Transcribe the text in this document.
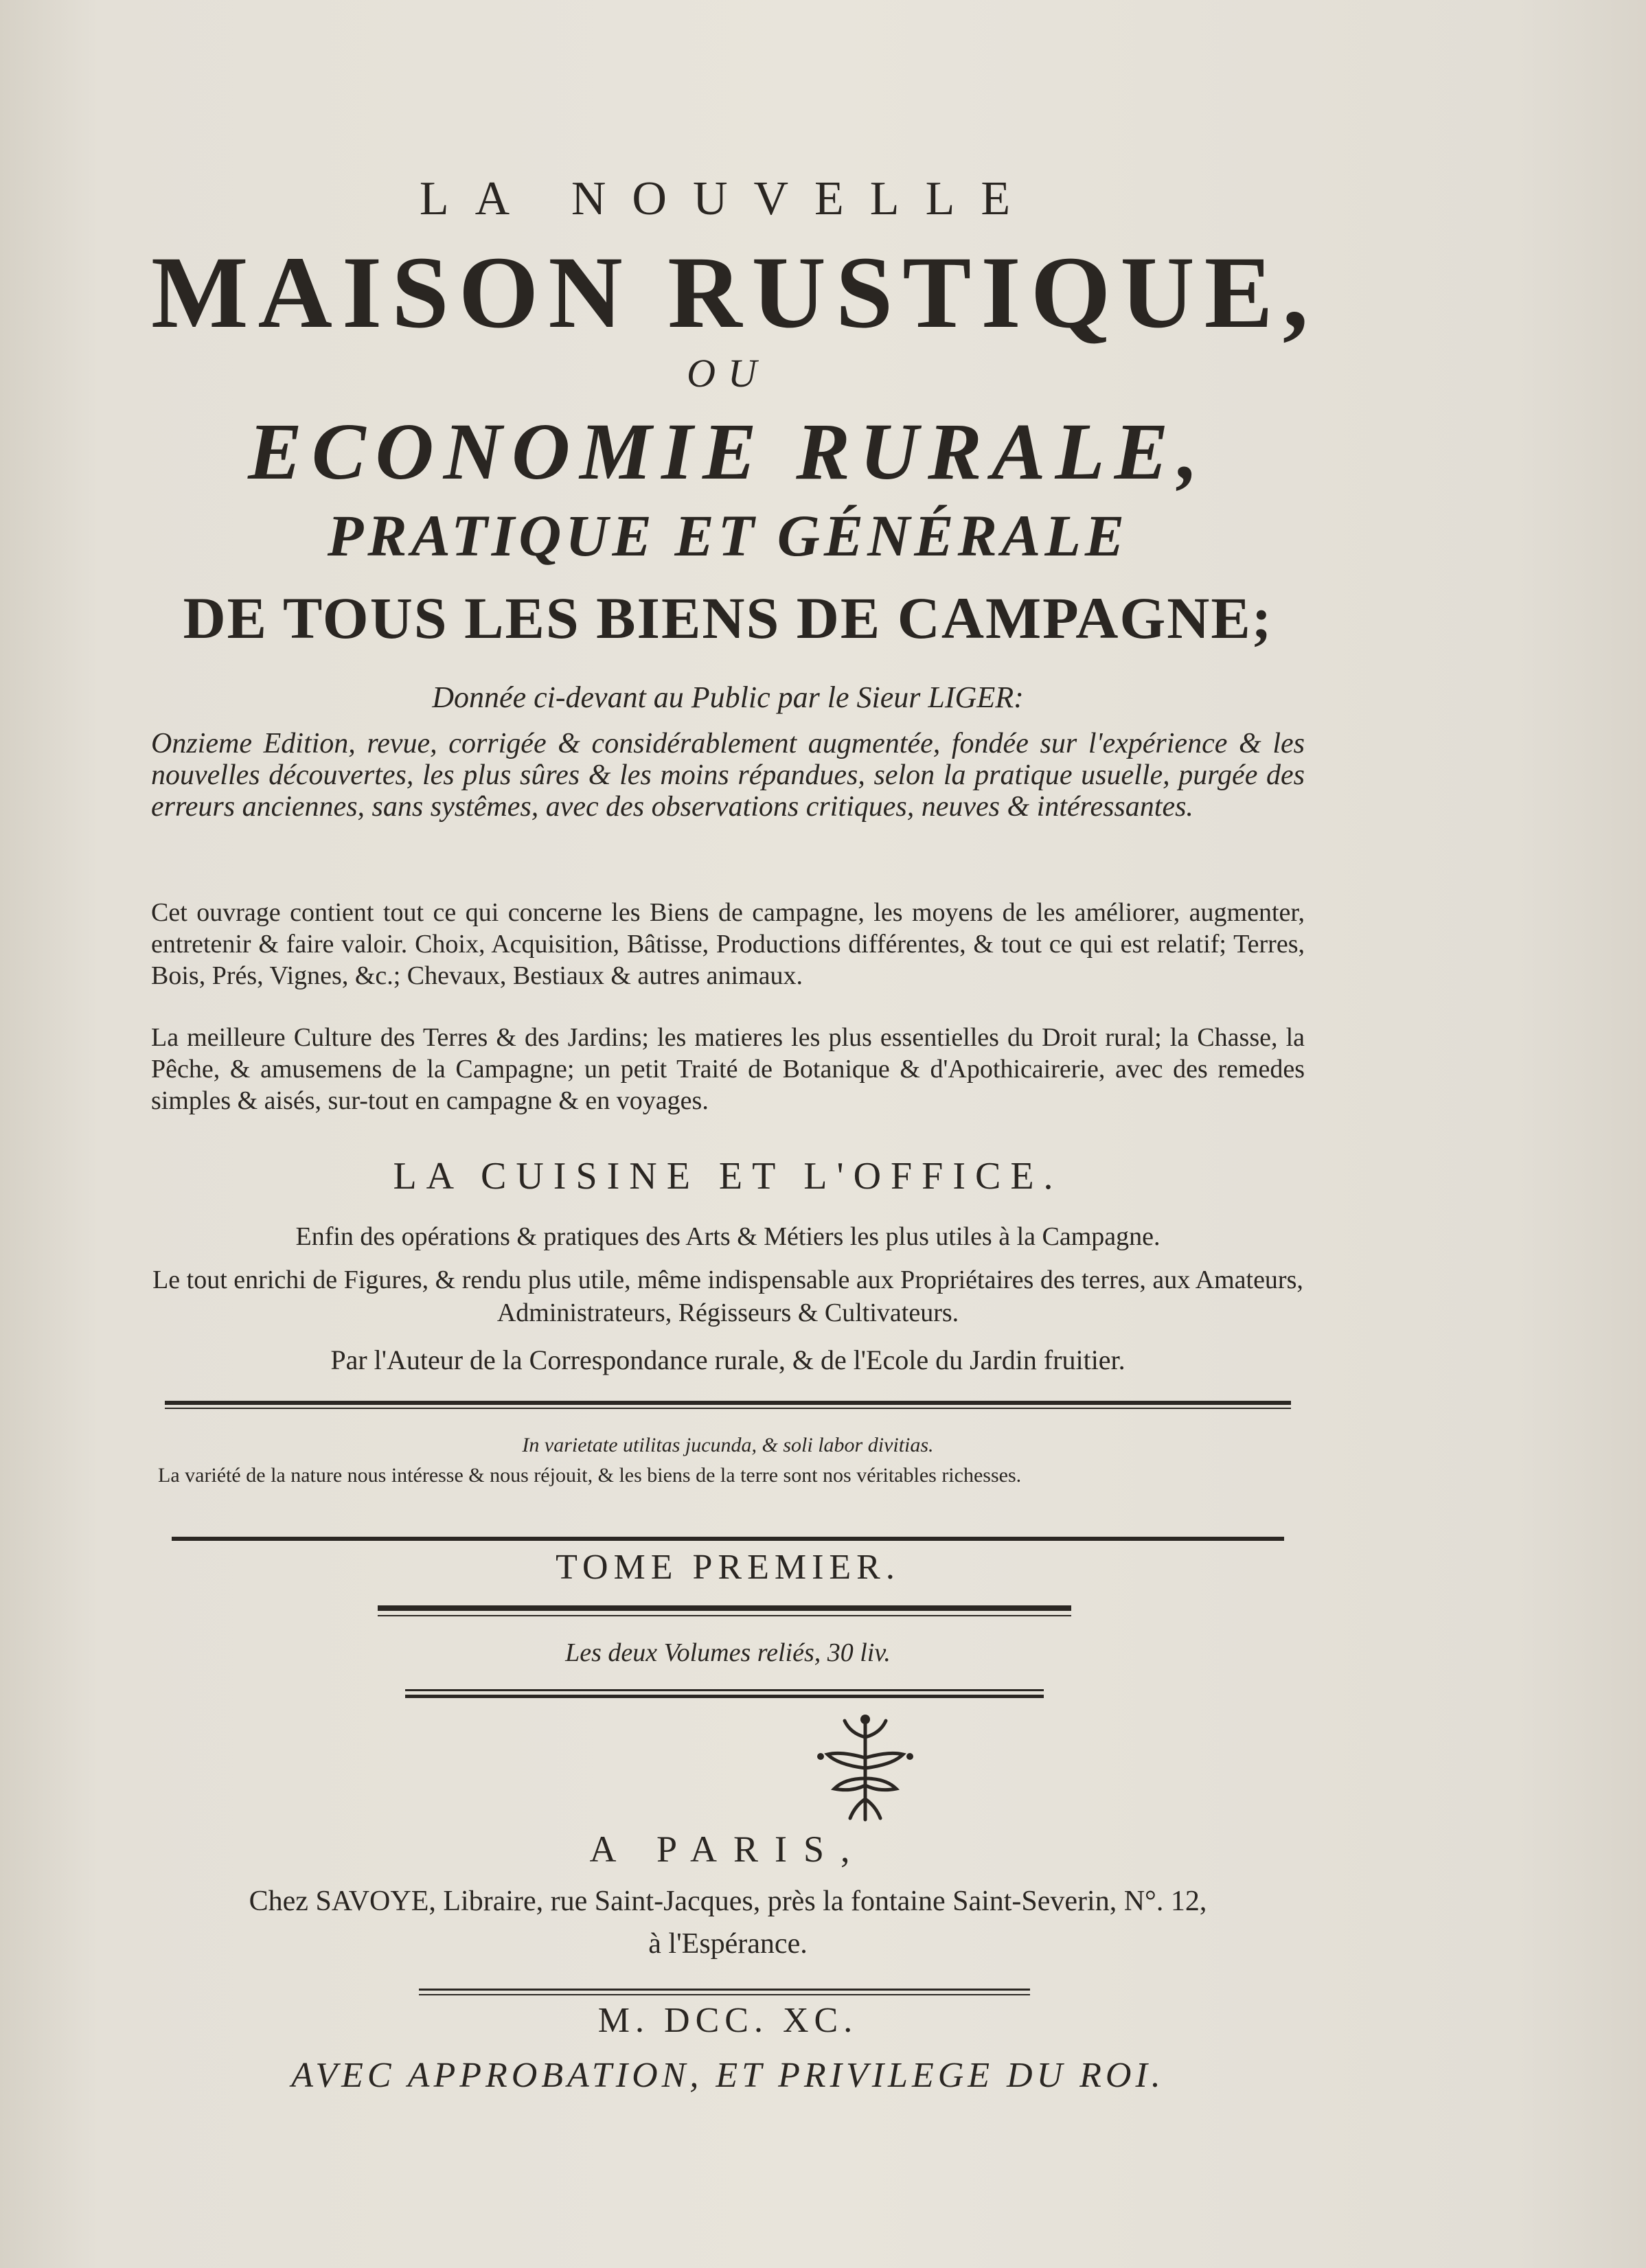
LA NOUVELLE
MAISON RUSTIQUE,
OU
ECONOMIE RURALE,
PRATIQUE ET GÉNÉRALE
DE TOUS LES BIENS DE CAMPAGNE;
Donnée ci-devant au Public par le Sieur LIGER:
Onzieme Edition, revue, corrigée & considérablement augmentée, fondée sur l'expérience & les nouvelles découvertes, les plus sûres & les moins répandues, selon la pratique usuelle, purgée des erreurs anciennes, sans systêmes, avec des observations critiques, neuves & intéressantes.
Cet ouvrage contient tout ce qui concerne les Biens de campagne, les moyens de les améliorer, augmenter, entretenir & faire valoir. Choix, Acquisition, Bâtisse, Productions différentes, & tout ce qui est relatif; Terres, Bois, Prés, Vignes, &c.; Chevaux, Bestiaux & autres animaux.
La meilleure Culture des Terres & des Jardins; les matieres les plus essentielles du Droit rural; la Chasse, la Pêche, & amusemens de la Campagne; un petit Traité de Botanique & d'Apothicairerie, avec des remedes simples & aisés, sur-tout en campagne & en voyages.
LA CUISINE ET L'OFFICE.
Enfin des opérations & pratiques des Arts & Métiers les plus utiles à la Campagne.
Le tout enrichi de Figures, & rendu plus utile, même indispensable aux Propriétaires des terres, aux Amateurs, Administrateurs, Régisseurs & Cultivateurs.
Par l'Auteur de la Correspondance rurale, & de l'Ecole du Jardin fruitier.
In varietate utilitas jucunda, & soli labor divitias.
La variété de la nature nous intéresse & nous réjouit, & les biens de la terre sont nos véritables richesses.
TOME PREMIER.
Les deux Volumes reliés, 30 liv.
A PARIS,
Chez SAVOYE, Libraire, rue Saint-Jacques, près la fontaine Saint-Severin, N°. 12,
à l'Espérance.
M. DCC. XC.
AVEC APPROBATION, ET PRIVILEGE DU ROI.
